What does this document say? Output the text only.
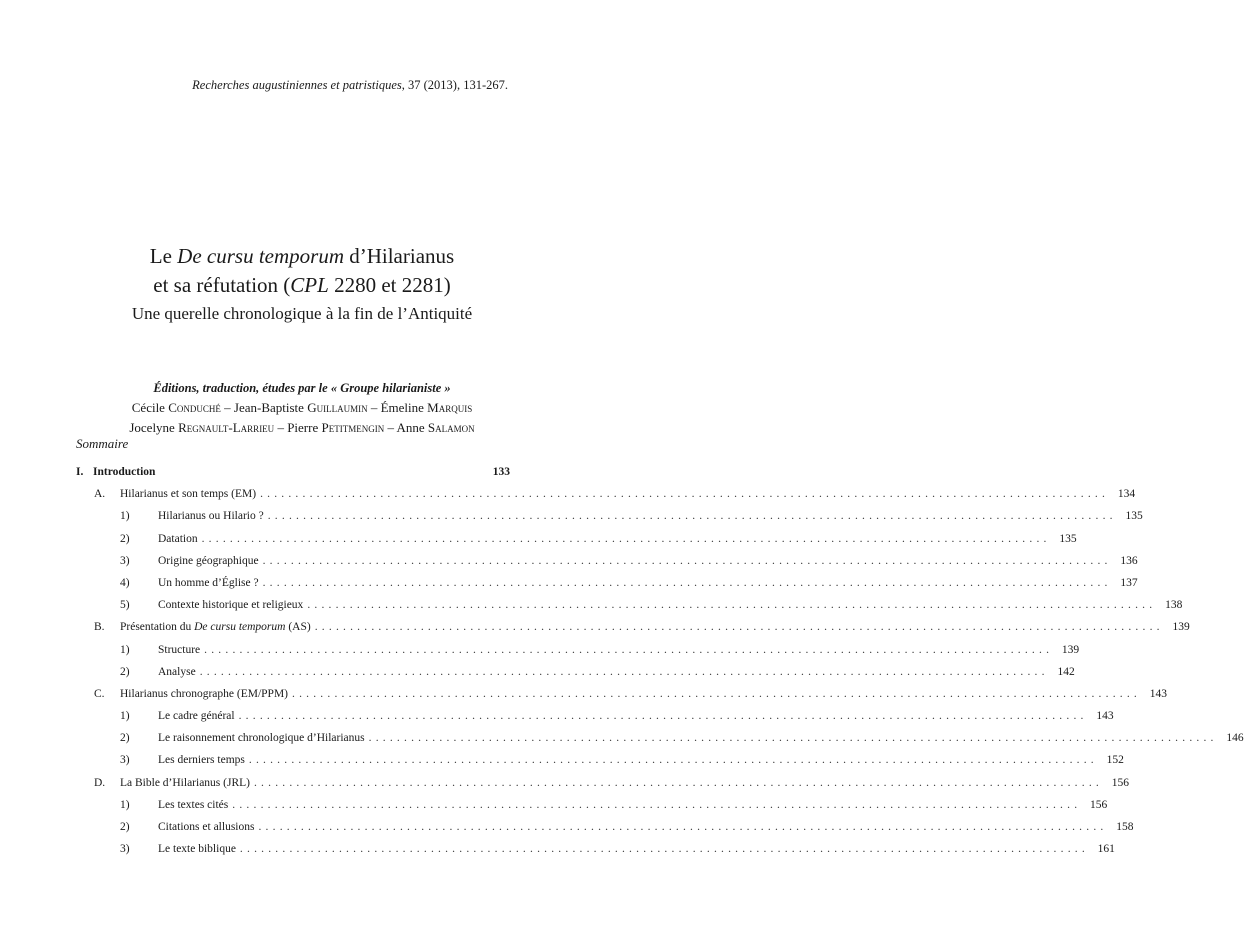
Recherches augustiniennes et patristiques, 37 (2013), 131-267.
Le De cursu temporum d’Hilarianus
et sa réfutation (CPL 2280 et 2281)
Une querelle chronologique à la fin de l’Antiquité
Éditions, traduction, études par le « Groupe hilarianiste »
Cécile Conduché – Jean-Baptiste Guillaumin – Émeline Marquis
Jocelyne Regnault-Larrieu – Pierre Petitmengin – Anne Salamon
Sommaire
I. Introduction	133
A.	Hilarianus et son temps (EM) ........................................................................................................................ 134
1)	Hilarianus ou Hilario ? ........................................................................................................................ 135
2)	Datation ........................................................................................................................ 135
3)	Origine géographique ........................................................................................................................ 136
4)	Un homme d’Église ? ........................................................................................................................ 137
5)	Contexte historique et religieux ........................................................................................................................ 138
B.	Présentation du De cursu temporum (AS) ........................................................................................................................ 139
1)	Structure ........................................................................................................................ 139
2)	Analyse ........................................................................................................................ 142
C.	Hilarianus chronographe (EM/PPM) ........................................................................................................................ 143
1)	Le cadre général ........................................................................................................................ 143
2)	Le raisonnement chronologique d’Hilarianus ........................................................................................................................ 146
3)	Les derniers temps ........................................................................................................................ 152
D.	La Bible d’Hilarianus (JRL) ........................................................................................................................ 156
1)	Les textes cités ........................................................................................................................ 156
2)	Citations et allusions ........................................................................................................................ 158
3)	Le texte biblique ........................................................................................................................ 161
